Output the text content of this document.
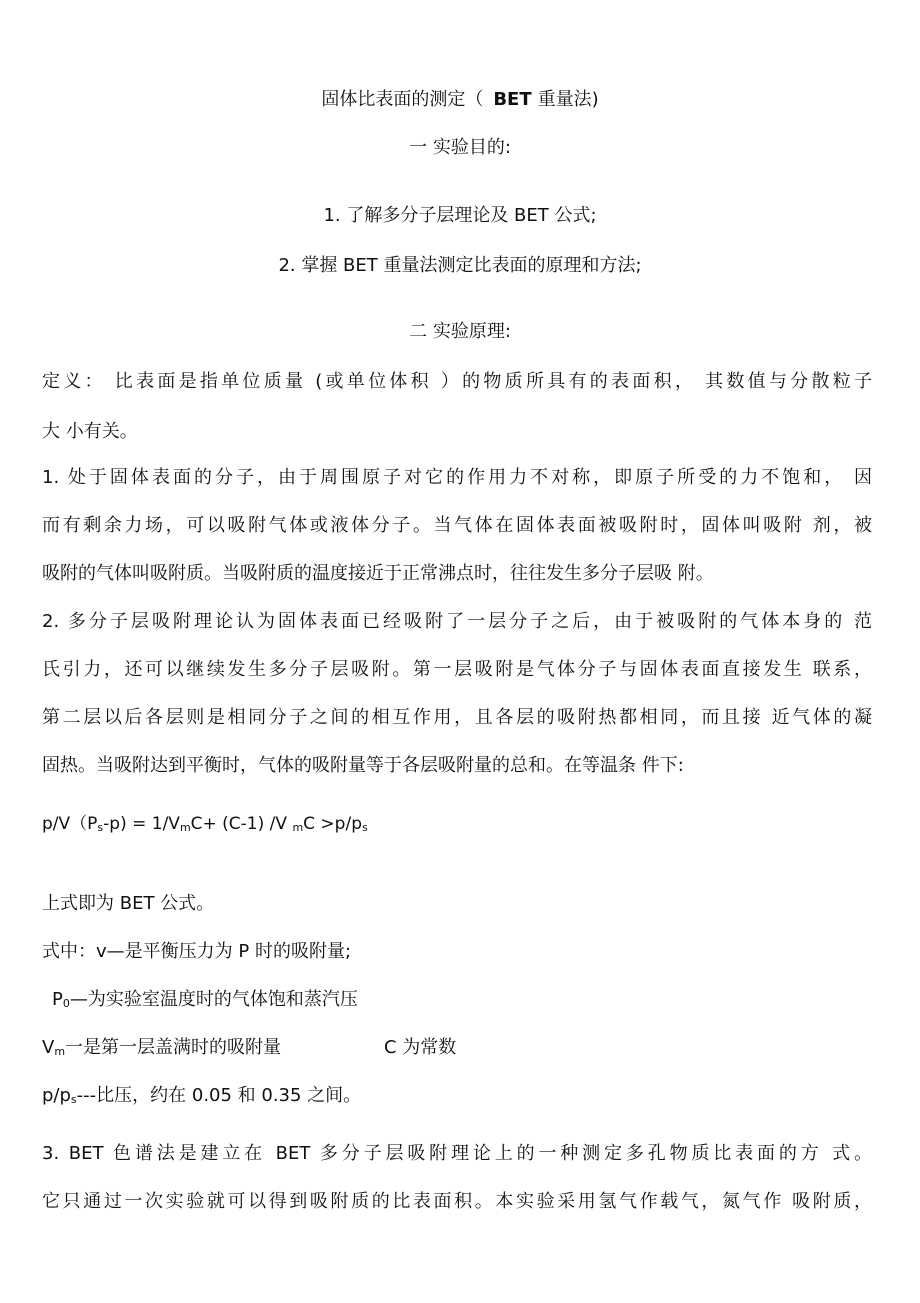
固体比表面的测定（ BET 重量法)
一 实验目的:
1. 了解多分子层理论及 BET 公式;
2. 掌握 BET 重量法测定比表面的原理和方法;
二 实验原理:
定义： 比表面是指单位质量 (或单位体积 ）的物质所具有的表面积， 其数值与分散粒子
大 小有关。
1. 处于固体表面的分子，由于周围原子对它的作用力不对称，即原子所受的力不饱和， 因
而有剩余力场，可以吸附气体或液体分子。当气体在固体表面被吸附时，固体叫吸附 剂，被
吸附的气体叫吸附质。当吸附质的温度接近于正常沸点时，往往发生多分子层吸 附。
2. 多分子层吸附理论认为固体表面已经吸附了一层分子之后，由于被吸附的气体本身的 范
氏引力，还可以继续发生多分子层吸附。第一层吸附是气体分子与固体表面直接发生 联系，
第二层以后各层则是相同分子之间的相互作用，且各层的吸附热都相同，而且接 近气体的凝
固热。当吸附达到平衡时，气体的吸附量等于各层吸附量的总和。在等温条 件下:
$p/V(P_s-p) = 1/V_mC+ (C-1)$ /V $_mC >p/p_s$
上式即为 BET 公式。
式中：v—是平衡压力为 P 时的吸附量;
$P_0—$为实验室温度时的气体饱和蒸汽压
$V_m$一是第一层盖满时的吸附量	C 为常数
$p/p_s---$比压，约在 0.05 和 0.35 之间。
3. BET 色谱法是建立在 BET 多分子层吸附理论上的一种测定多孔物质比表面的方 式。
它只通过一次实验就可以得到吸附质的比表面积。本实验采用氢气作载气，氮气作 吸附质，
